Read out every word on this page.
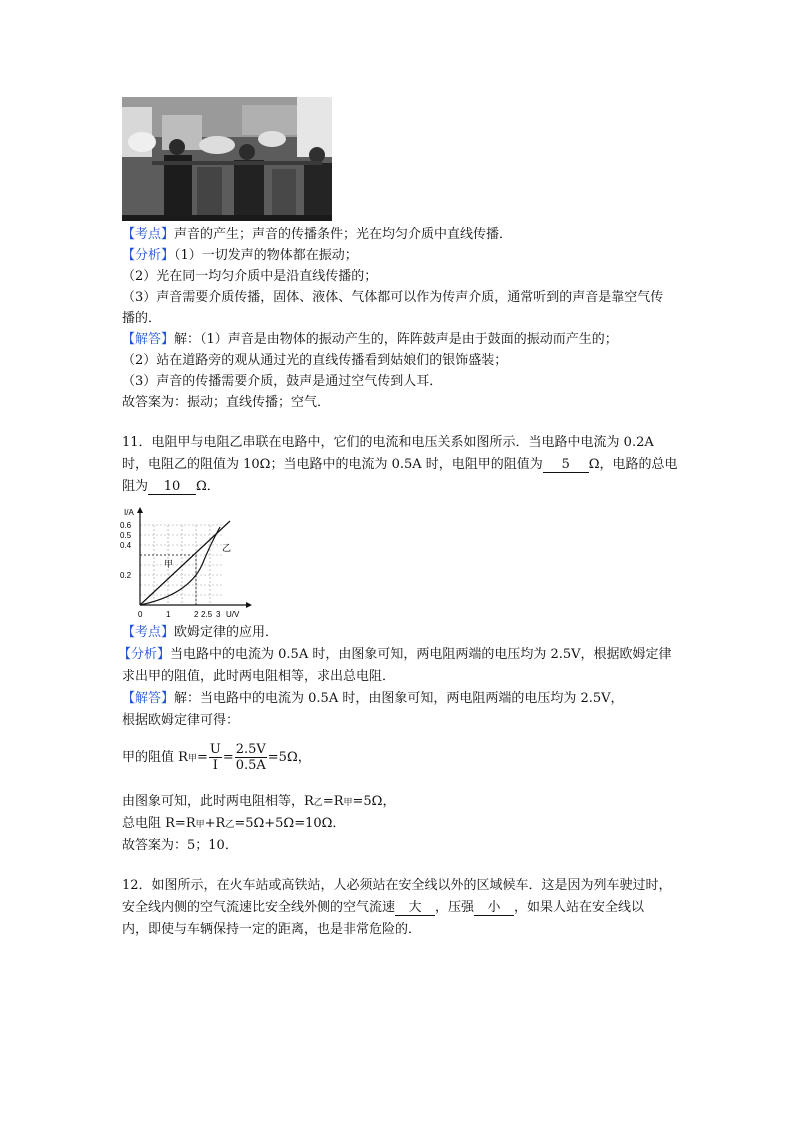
【考点】声音的产生；声音的传播条件；光在均匀介质中直线传播．
【分析】（1）一切发声的物体都在振动；
（2）光在同一均匀介质中是沿直线传播的；
（3）声音需要介质传播，固体、液体、气体都可以作为传声介质，通常听到的声音是靠空气传
播的．
【解答】解：（1）声音是由物体的振动产生的，阵阵鼓声是由于鼓面的振动而产生的；
（2）站在道路旁的观从通过光的直线传播看到姑娘们的银饰盛装；
（3）声音的传播需要介质，鼓声是通过空气传到人耳．
故答案为：振动；直线传播；空气．
11．电阻甲与电阻乙串联在电路中，它们的电流和电压关系如图所示．当电路中电流为 0.2A
时，电阻乙的阻值为 10Ω；当电路中的电流为 0.5A 时，电阻甲的阻值为 5 Ω，电路的总电
阻为 10 Ω．
I/A
U/V
0.6
0.5
0.4
0.2
0	1	2 2.5 3
甲
乙
【考点】欧姆定律的应用．
【分析】当电路中的电流为 0.5A 时，由图象可知，两电阻两端的电压均为 2.5V，根据欧姆定律
求出甲的阻值，此时两电阻相等，求出总电阻．
【解答】解：当电路中的电流为 0.5A 时，由图象可知，两电阻两端的电压均为 2.5V，
根据欧姆定律可得：
甲的阻值 R甲= $\frac{U}{I} = \frac{2.5V}{0.5A} =5\Omega$，
由图象可知，此时两电阻相等，R乙=R甲=5Ω，
总电阻 R=R甲+R乙=5Ω+5Ω=10Ω．
故答案为：5；10．
12．如图所示，在火车站或高铁站，人必须站在安全线以外的区域候车．这是因为列车驶过时，
安全线内侧的空气流速比安全线外侧的空气流速 大 ，压强 小 ，如果人站在安全线以
内，即使与车辆保持一定的距离，也是非常危险的．
